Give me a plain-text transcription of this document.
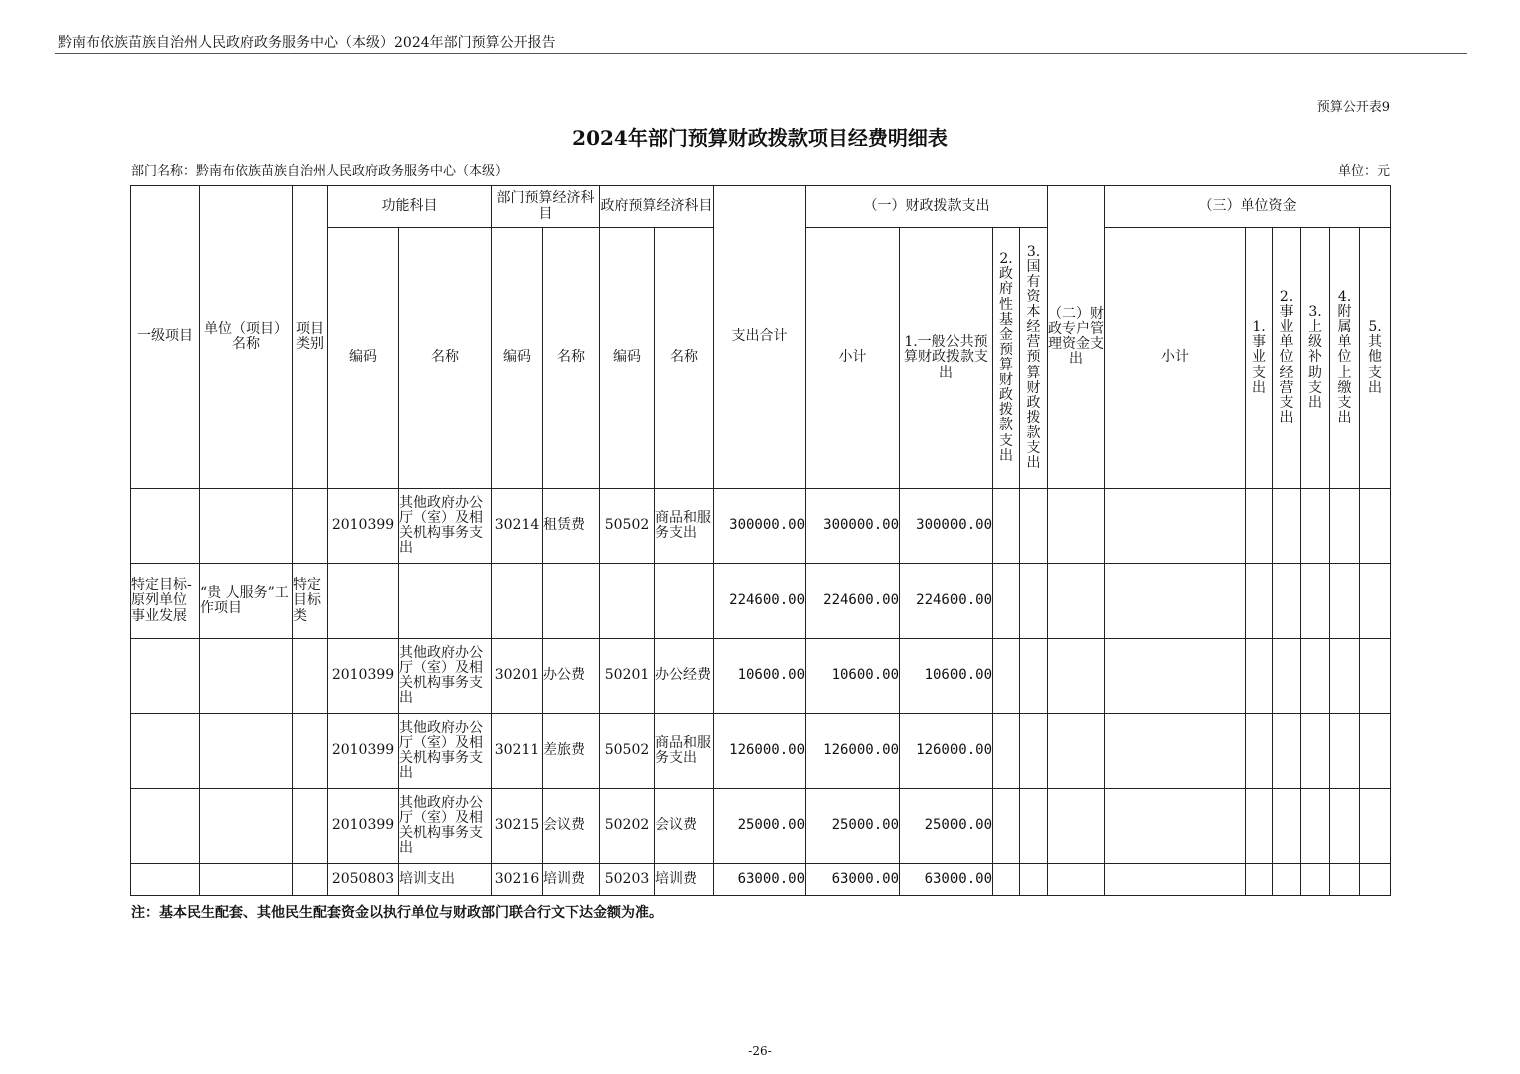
黔南布依族苗族自治州人民政府政务服务中心（本级）2024年部门预算公开报告
预算公开表9
2024年部门预算财政拨款项目经费明细表
部门名称：黔南布依族苗族自治州人民政府政务服务中心（本级）	单位：元
一级项目	单位（项目）名称	项目类别	功能科目		部门预算经济科目		政府预算经济科目		支出合计	（一）财政拨款支出				（二）财政专户管理资金支出	（三）单位资金					
			编码	名称	编码	名称	编码	名称		小计	1.一般公共预算财政拨款支出	2.政府性基金预算财政拨款支出	3.国有资本经营预算财政拨款支出		小计	1.事业支出	2.事业单位经营支出	3.上级补助支出	4.附属单位上缴支出	5.其他支出

			2010399	其他政府办公厅（室）及相关机构事务支出	30214	租赁费	50502	商品和服务支出	300000.00	300000.00	300000.00									
特定目标-原列单位事业发展	“贵 人服务”工作项目	特定目标类							224600.00	224600.00	224600.00									
			2010399	其他政府办公厅（室）及相关机构事务支出	30201	办公费	50201	办公经费	10600.00	10600.00	10600.00									
			2010399	其他政府办公厅（室）及相关机构事务支出	30211	差旅费	50502	商品和服务支出	126000.00	126000.00	126000.00									
			2010399	其他政府办公厅（室）及相关机构事务支出	30215	会议费	50202	会议费	25000.00	25000.00	25000.00									
			2050803	培训支出	30216	培训费	50203	培训费	63000.00	63000.00	63000.00									
注：基本民生配套、其他民生配套资金以执行单位与财政部门联合行文下达金额为准。
-26-
